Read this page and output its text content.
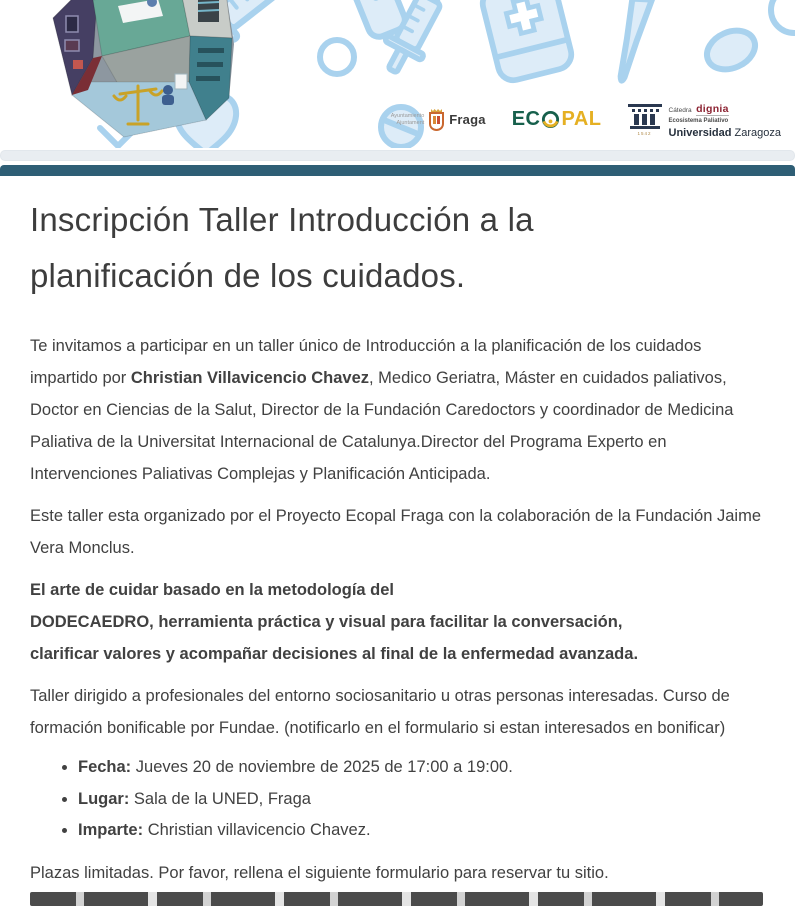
Ayuntamiento
Ajuntament Fraga EC PAL
1542
Cátedra dignia
Ecosistema Paliativo
Universidad Zaragoza
Inscripción Taller Introducción a la planificación de los cuidados.

Te invitamos a participar en un taller único de Introducción a la planificación de los cuidados impartido por Christian Villavicencio Chavez, Medico Geriatra, Máster en cuidados paliativos, Doctor en Ciencias de la Salut, Director de la Fundación Caredoctors y coordinador de Medicina Paliativa de la Universitat Internacional de Catalunya.Director del Programa Experto en Intervenciones Paliativas Complejas y Planificación Anticipada.

Este taller esta organizado por el Proyecto Ecopal Fraga con la colaboración de la Fundación Jaime Vera Monclus.

El arte de cuidar basado en la metodología del
DODECAEDRO, herramienta práctica y visual para facilitar la conversación,
clarificar valores y acompañar decisiones al final de la enfermedad avanzada.

Taller dirigido a profesionales del entorno sociosanitario u otras personas interesadas. Curso de formación bonificable por Fundae. (notificarlo en el formulario si estan interesados en bonificar)

• Fecha: Jueves 20 de noviembre de 2025 de 17:00 a 19:00.
• Lugar: Sala de la UNED, Fraga
• Imparte: Christian villavicencio Chavez.

Plazas limitadas. Por favor, rellena el siguiente formulario para reservar tu sitio.
